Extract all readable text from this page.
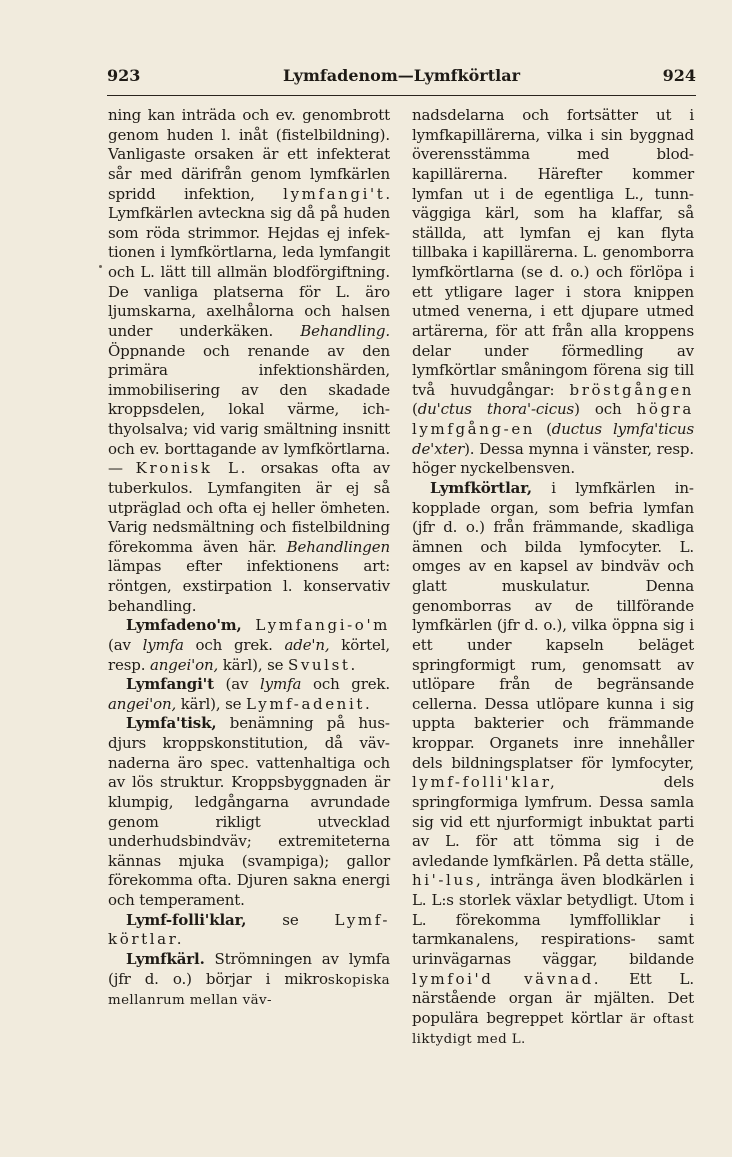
923	Lymfadenom—Lymfkörtlar	924

ning kan inträda och ev. genombrott genom huden l. inåt (fistelbildning). Vanligaste orsaken är ett infekterat sår med därifrån genom lymfkärlen spridd infektion, lymfangi't. Lymfkärlen avteckna sig då på huden som röda strimmor. Hejdas ej infektionen i lymfkörtlarna, leda lymfangit och L. lätt till allmän blodförgiftning. De vanliga platserna för L. äro ljumskarna, axelhålorna och halsen under underkäken. Behandling. Öppnande och renande av den primära infektionshärden, immobilisering av den skadade kroppsdelen, lokal värme, ichthyolsalva; vid varig smältning insnitt och ev. borttagande av lymfkörtlarna. — Kronisk L. orsakas ofta av tuberkulos. Lymfangiten är ej så utpräglad och ofta ej heller ömheten. Varig nedsmältning och fistelbildning förekomma även här. Behandlingen lämpas efter infektionens art: röntgen, exstirpation l. konservativ behandling.

Lymfadeno'm, Lymfangi-o'm (av lymfa och grek. ade'n, körtel, resp. angei'on, kärl), se Svulst.

Lymfangi't (av lymfa och grek. angei'on, kärl), se Lymf-adenit.

Lymfa'tisk, benämning på husdjurs kroppskonstitution, då vävnaderna äro spec. vattenhaltiga och av lös struktur. Kroppsbyggnaden är klumpig, ledgångarna avrundade genom rikligt utvecklad underhudsbindväv; extremiteterna kännas mjuka (svampiga); gallor förekomma ofta. Djuren sakna energi och temperament.

Lymf-folli'klar, se Lymf-körtlar.

Lymfkärl. Strömningen av lymfa (jfr d. o.) börjar i mikroskopiska mellanrum mellan väv-

nadsdelarna och fortsätter ut i lymfkapillärerna, vilka i sin byggnad överensstämma med blodkapillärerna. Härefter kommer lymfan ut i de egentliga L., tunnväggiga kärl, som ha klaffar, så ställda, att lymfan ej kan flyta tillbaka i kapillärerna. L. genomborra lymfkörtlarna (se d. o.) och förlöpa i ett ytligare lager i stora knippen utmed venerna, i ett djupare utmed artärerna, för att från alla kroppens delar under förmedling av lymfkörtlar småningom förena sig till två huvudgångar: bröstgången (du'ctus thora'-cicus) och högra lymfgång-en (ductus lymfa'ticus de'xter). Dessa mynna i vänster, resp. höger nyckelbensven.

Lymfkörtlar, i lymfkärlen inkopplade organ, som befria lymfan (jfr d. o.) från främmande, skadliga ämnen och bilda lymfocyter. L. omges av en kapsel av bindväv och glatt muskulatur. Denna genomborras av de tillförande lymfkärlen (jfr d. o.), vilka öppna sig i ett under kapseln beläget springformigt rum, genomsatt av utlöpare från de begränsande cellerna. Dessa utlöpare kunna i sig uppta bakterier och främmande kroppar. Organets inre innehåller dels bildningsplatser för lymfocyter, lymf-folli'klar, dels springformiga lymfrum. Dessa samla sig vid ett njurformigt inbuktat parti av L. för att tömma sig i de avledande lymfkärlen. På detta ställe, hi'-lus, inträngа även blodkärlen i L. L:s storlek växlar betydligt. Utom i L. förekomma lymffolliklar i tarmkanalens, respirations- samt urinvägarnas väggar, bildande lymfoi'd vävnad. Ett L. närstående organ är mjälten. Det populära begreppet körtlar är oftast liktydigt med L.
